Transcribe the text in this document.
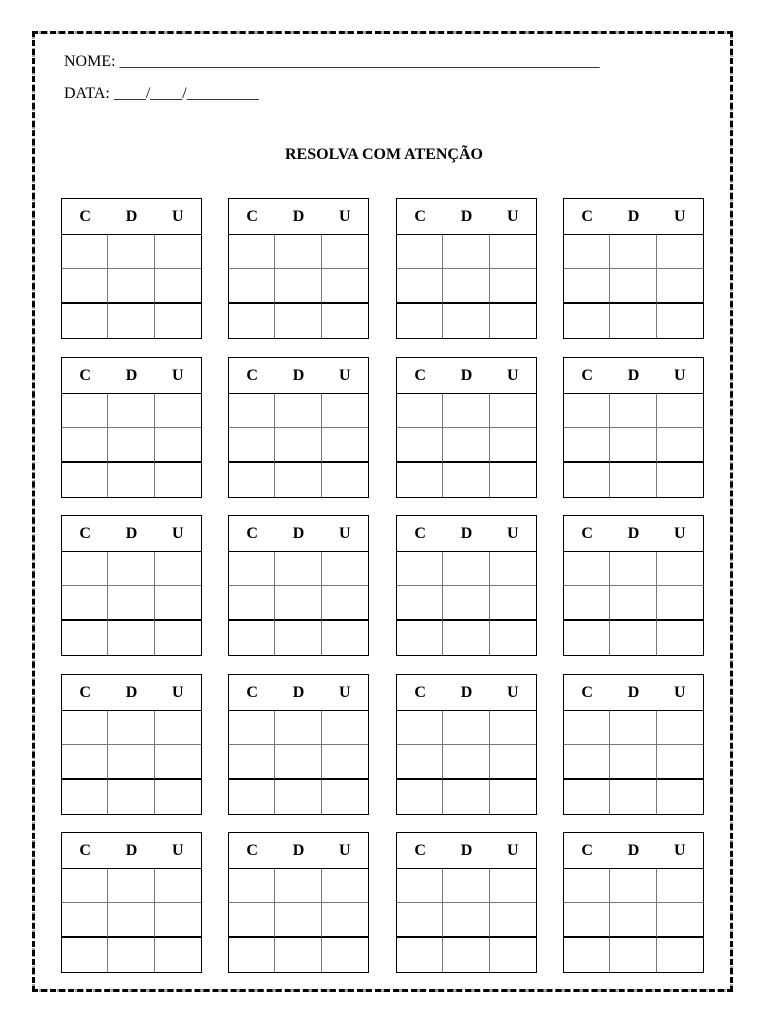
NOME: ____________________________________________________________
DATA: ____/____/_________
RESOLVA COM ATENÇÃO
C	D	U	C	D	U	C	D	U	C	D	U
C	D	U	C	D	U	C	D	U	C	D	U
C	D	U	C	D	U	C	D	U	C	D	U
C	D	U	C	D	U	C	D	U	C	D	U
C	D	U	C	D	U	C	D	U	C	D	U
